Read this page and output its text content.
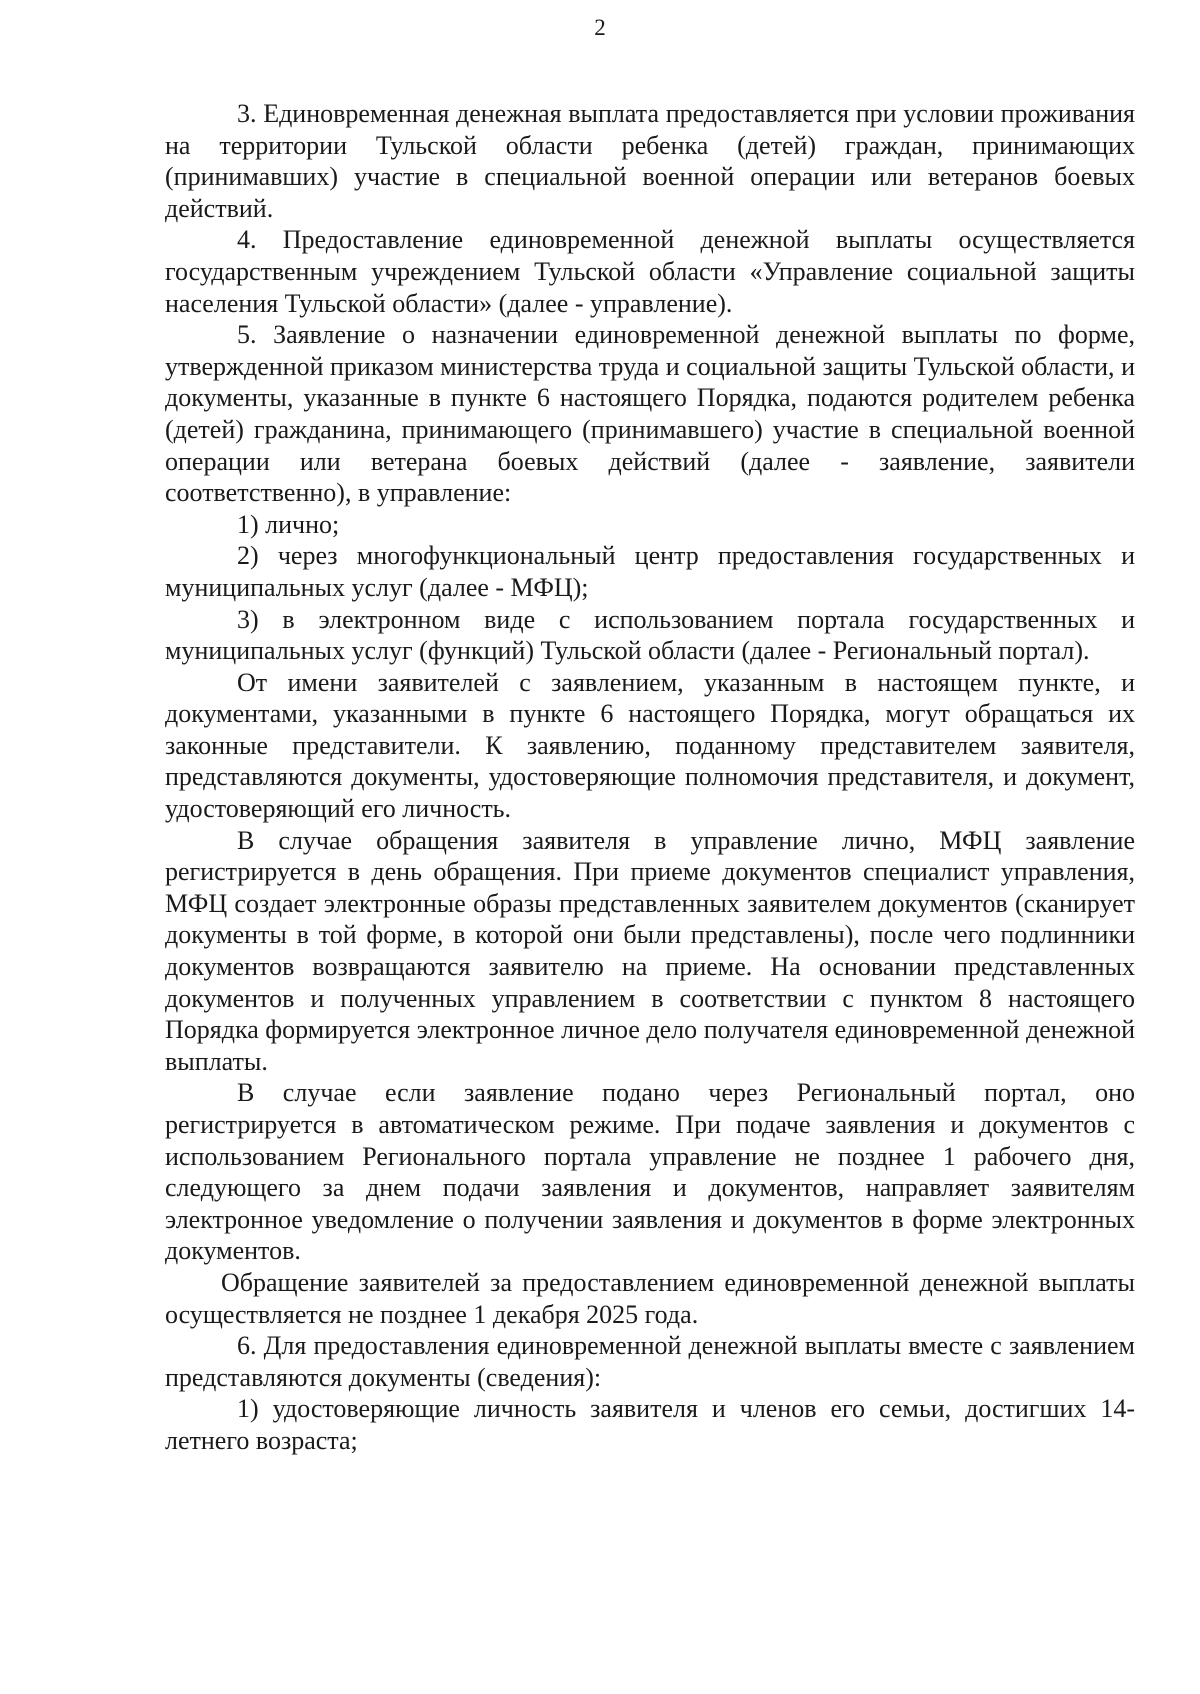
2

3. Единовременная денежная выплата предоставляется при условии проживания на территории Тульской области ребенка (детей) граждан, принимающих (принимавших) участие в специальной военной операции или ветеранов боевых действий.

4. Предоставление единовременной денежной выплаты осуществляется государственным учреждением Тульской области «Управление социальной защиты населения Тульской области» (далее - управление).

5. Заявление о назначении единовременной денежной выплаты по форме, утвержденной приказом министерства труда и социальной защиты Тульской области, и документы, указанные в пункте 6 настоящего Порядка, подаются родителем ребенка (детей) гражданина, принимающего (принимавшего) участие в специальной военной операции или ветерана боевых действий (далее - заявление, заявители соответственно), в управление:

1) лично;

2) через многофункциональный центр предоставления государственных и муниципальных услуг (далее - МФЦ);

3) в электронном виде с использованием портала государственных и муниципальных услуг (функций) Тульской области (далее - Региональный портал).

От имени заявителей с заявлением, указанным в настоящем пункте, и документами, указанными в пункте 6 настоящего Порядка, могут обращаться их законные представители. К заявлению, поданному представителем заявителя, представляются документы, удостоверяющие полномочия представителя, и документ, удостоверяющий его личность.

В случае обращения заявителя в управление лично, МФЦ заявление регистрируется в день обращения. При приеме документов специалист управления, МФЦ создает электронные образы представленных заявителем документов (сканирует документы в той форме, в которой они были представлены), после чего подлинники документов возвращаются заявителю на приеме. На основании представленных документов и полученных управлением в соответствии с пунктом 8 настоящего Порядка формируется электронное личное дело получателя единовременной денежной выплаты.

В случае если заявление подано через Региональный портал, оно регистрируется в автоматическом режиме. При подаче заявления и документов с использованием Регионального портала управление не позднее 1 рабочего дня, следующего за днем подачи заявления и документов, направляет заявителям электронное уведомление о получении заявления и документов в форме электронных документов.

Обращение заявителей за предоставлением единовременной денежной выплаты осуществляется не позднее 1 декабря 2025 года.

6. Для предоставления единовременной денежной выплаты вместе с заявлением представляются документы (сведения):

1) удостоверяющие личность заявителя и членов его семьи, достигших 14-летнего возраста;
